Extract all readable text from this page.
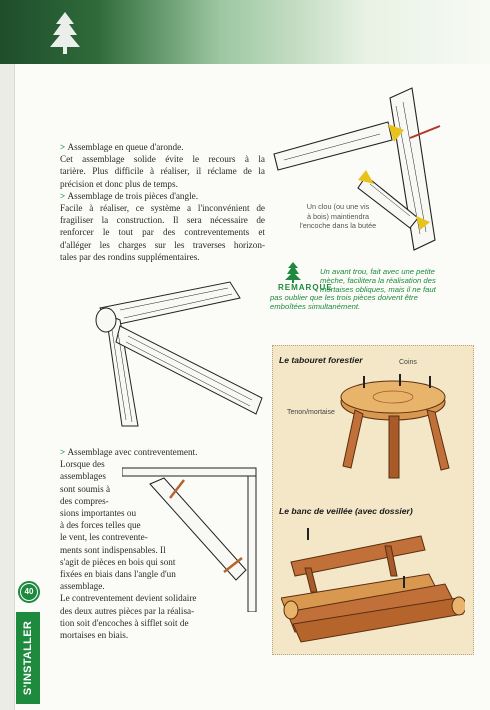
> Assemblage en queue d'aronde.
Cet assemblage solide évite le recours à la
tarière. Plus difficile à réaliser, il réclame de la
précision et donc plus de temps.
> Assemblage de trois pièces d'angle.
Facile à réaliser, ce système a l'inconvénient de
fragiliser la construction. Il sera nécessaire de
renforcer le tout par des contreventements et
d'alléger les charges sur les traverses horizon-
tales par des rondins supplémentaires.
Un clou (ou une vis
à bois) maintiendra
l'encoche dans la butée
REMARQUE
Un avant trou, fait avec une petite
mèche, facilitera la réalisation des
mortaises obliques, mais il ne faut
pas oublier que les trois pièces doivent être
emboîtées simultanément.
> Assemblage avec contreventement.
Lorsque des
assemblages
sont soumis à
des compres-
sions importantes ou
à des forces telles que
le vent, les contrevente-
ments sont indispensables. Il
s'agit de pièces en bois qui sont
fixées en biais dans l'angle d'un
assemblage.
Le contreventement devient solidaire
des deux autres pièces par la réalisa-
tion soit d'encoches à sifflet soit de
mortaises en biais.
Le tabouret forestier	Coins
Tenon/mortaise
Le banc de veillée (avec dossier)
40
S'INSTALLER
